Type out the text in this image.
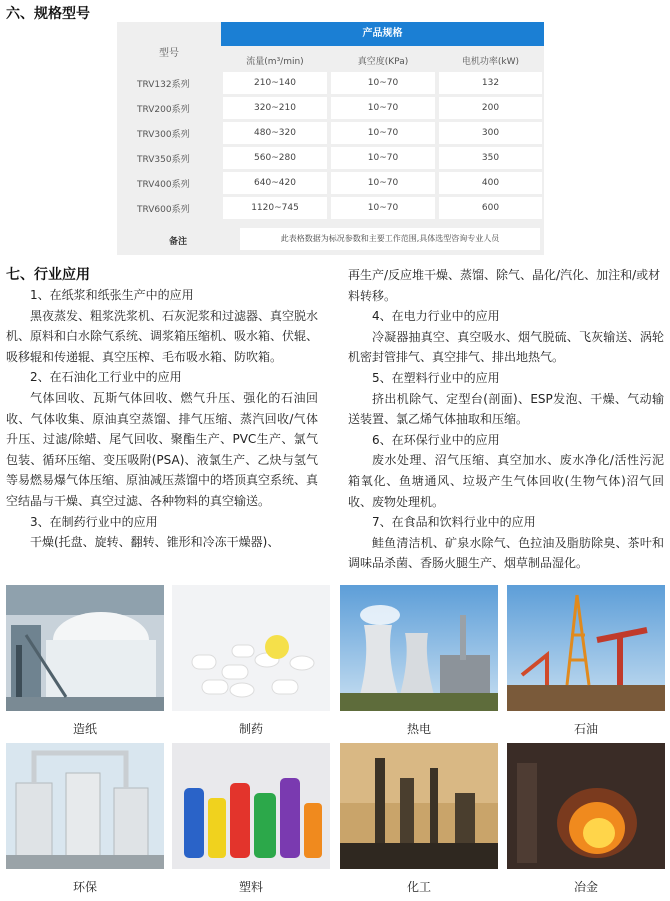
六、规格型号
产品规格
型号
流量(m³/min)	真空度(KPa)	电机功率(kW)
TRV132系列	210~140	10~70	132
TRV200系列	320~210	10~70	200
TRV300系列	480~320	10~70	300
TRV350系列	560~280	10~70	350
TRV400系列	640~420	10~70	400
TRV600系列	1120~745	10~70	600
备注	此表格数据为标况参数和主要工作范围,具体选型咨询专业人员
七、行业应用

1、在纸浆和纸张生产中的应用

黑夜蒸发、粗浆洗浆机、石灰泥浆和过滤器、真空脱水机、原料和白水除气系统、调浆箱压缩机、吸水箱、伏辊、吸移辊和传递辊、真空压榨、毛布吸水箱、防吹箱。

2、在石油化工行业中的应用

气体回收、瓦斯气体回收、燃气升压、强化的石油回收、气体收集、原油真空蒸馏、排气压缩、蒸汽回收/气体升压、过滤/除蜡、尾气回收、聚酯生产、PVC生产、氯气包装、循环压缩、变压吸附(PSA)、液氯生产、乙炔与氢气等易燃易爆气体压缩、原油减压蒸馏中的塔顶真空系统、真空结晶与干燥、真空过滤、各种物料的真空输送。

3、在制药行业中的应用

干燥(托盘、旋转、翻转、锥形和冷冻干燥器)、

再生产/反应堆干燥、蒸馏、除气、晶化/汽化、加注和/或材料转移。

4、在电力行业中的应用

冷凝器抽真空、真空吸水、烟气脱硫、飞灰输送、涡轮机密封管排气、真空排气、排出地热气。

5、在塑料行业中的应用

挤出机除气、定型台(剖面)、ESP发泡、干燥、气动输送装置、氯乙烯气体抽取和压缩。

6、在环保行业中的应用

废水处理、沼气压缩、真空加水、废水净化/活性污泥箱氧化、鱼塘通风、垃圾产生气体回收(生物气体)沼气回收、废物处理机。

7、在食品和饮料行业中的应用

鲑鱼清洁机、矿泉水除气、色拉油及脂肪除臭、茶叶和调味品杀菌、香肠火腿生产、烟草制品湿化。

造纸	制药	热电	石油
环保	塑料	化工	冶金
